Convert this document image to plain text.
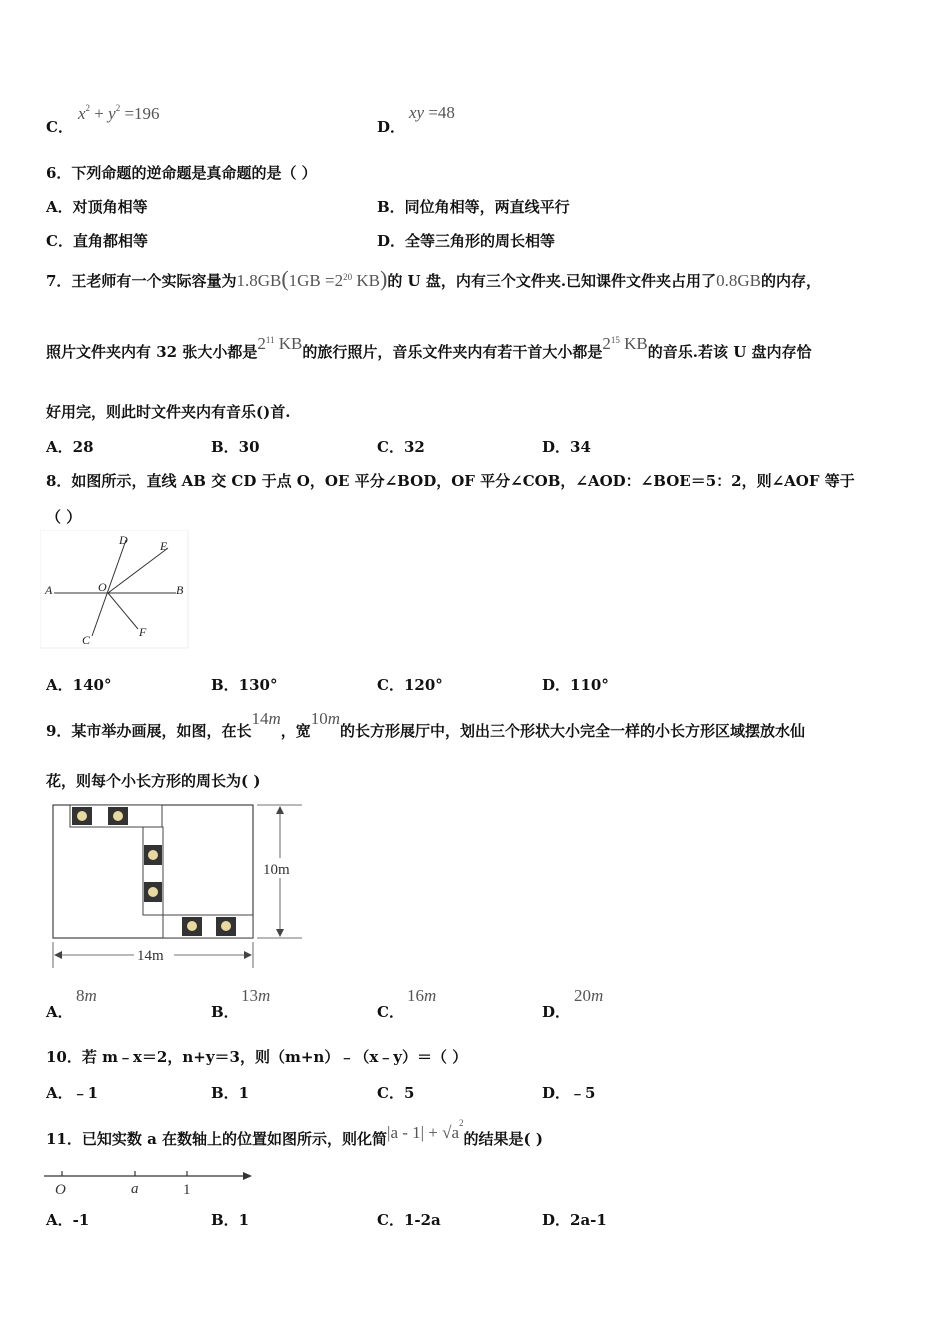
C．
$x^2 + y^2 =196$
D．
xy =48
6．下列命题的逆命题是真命题的是（ ）
A．对顶角相等	B．同位角相等，两直线平行
C．直角都相等	D．全等三角形的周长相等
7．王老师有一个实际容量为$1.8GB(1GB =2^{20}$ KB)的 U 盘，内有三个文件夹.已知课件文件夹占用了0.8GB的内存，
照片文件夹内有 32 张大小都是$2^{11}$ KB的旅行照片，音乐文件夹内有若干首大小都是$2^{15}$ KB的音乐.若该 U 盘内存恰
好用完，则此时文件夹内有音乐()首.
A．28	B．30	C．32	D．34
8．如图所示，直线 AB 交 CD 于点 O，OE 平分∠BOD，OF 平分∠COB，∠AOD：∠BOE＝5：2，则∠AOF 等于
（ ）
A	B
C
D	E
F
O
A．140°	B．130°	C．120°	D．110°
9．某市举办画展，如图，在长14m，宽10m的长方形展厅中，划出三个形状大小完全一样的小长方形区域摆放水仙
花，则每个小长方形的周长为( )
10m
14m
A．
8m
B．
13m
C．
16m
D．
20m
10．若 m﹣x＝2，n+y＝3，则（m+n）﹣（x﹣y）＝（ ）
A．﹣1	B．1	C．5	D．﹣5
11．已知实数 a 在数轴上的位置如图所示，则化简$|a - 1| + √a^2$的结果是( )
O	a	1
A．-1	B．1	C．1-2a	D．2a-1
